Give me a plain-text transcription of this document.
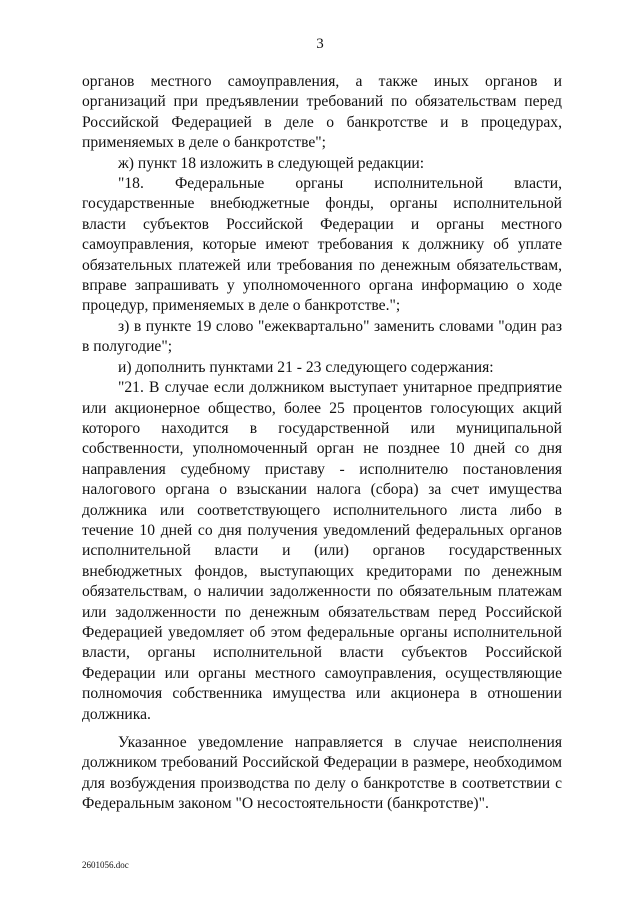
3

органов местного самоуправления, а также иных органов и организаций при предъявлении требований по обязательствам перед Российской Федерацией в деле о банкротстве и в процедурах, применяемых в деле о банкротстве";

ж) пункт 18 изложить в следующей редакции:

"18. Федеральные органы исполнительной власти, государственные внебюджетные фонды, органы исполнительной власти субъектов Российской Федерации и органы местного самоуправления, которые имеют требования к должнику об уплате обязательных платежей или требования по денежным обязательствам, вправе запрашивать у уполномоченного органа информацию о ходе процедур, применяемых в деле о банкротстве.";

з) в пункте 19 слово "ежеквартально" заменить словами "один раз в полугодие";

и) дополнить пунктами 21 - 23 следующего содержания:

"21. В случае если должником выступает унитарное предприятие или акционерное общество, более 25 процентов голосующих акций которого находится в государственной или муниципальной собственности, уполномоченный орган не позднее 10 дней со дня направления судебному приставу - исполнителю постановления налогового органа о взыскании налога (сбора) за счет имущества должника или соответствующего исполнительного листа либо в течение 10 дней со дня получения уведомлений федеральных органов исполнительной власти и (или) органов государственных внебюджетных фондов, выступающих кредиторами по денежным обязательствам, о наличии задолженности по обязательным платежам или задолженности по денежным обязательствам перед Российской Федерацией уведомляет об этом федеральные органы исполнительной власти, органы исполнительной власти субъектов Российской Федерации или органы местного самоуправления, осуществляющие полномочия собственника имущества или акционера в отношении должника.

Указанное уведомление направляется в случае неисполнения должником требований Российской Федерации в размере, необходимом для возбуждения производства по делу о банкротстве в соответствии с Федеральным законом "О несостоятельности (банкротстве)".

2601056.doc
